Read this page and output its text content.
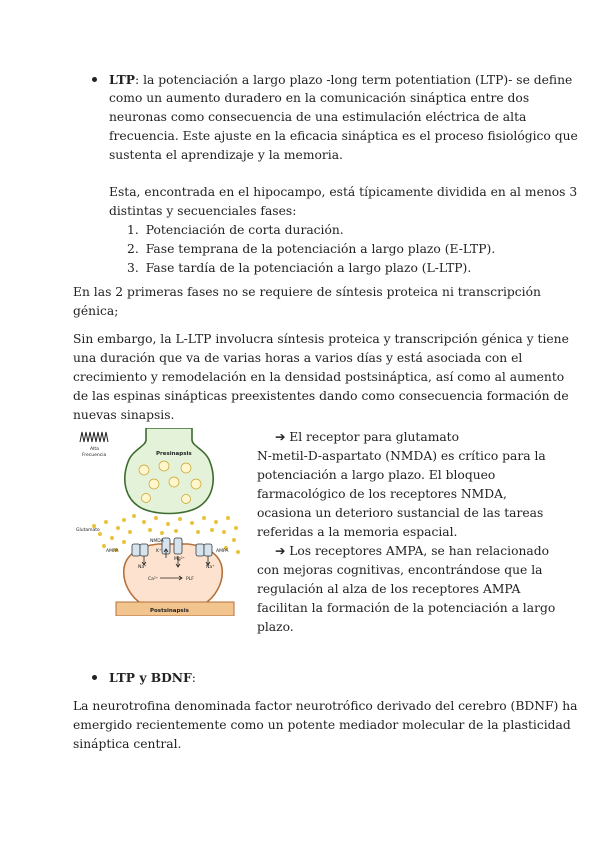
LTP: la potenciación a largo plazo -long term potentiation (LTP)- se define
como un aumento duradero en la comunicación sináptica entre dos
neuronas como consecuencia de una estimulación eléctrica de alta
frecuencia. Este ajuste en la eficacia sináptica es el proceso fisiológico que
sustenta el aprendizaje y la memoria.
Esta, encontrada en el hipocampo, está típicamente dividida en al menos 3
distintas y secuenciales fases:
1. Potenciación de corta duración.
2. Fase temprana de la potenciación a largo plazo (E-LTP).
3. Fase tardía de la potenciación a largo plazo (L-LTP).
En las 2 primeras fases no se requiere de síntesis proteica ni transcripción
génica;
Sin embargo, la L-LTP involucra síntesis proteica y transcripción génica y tiene
una duración que va de varias horas a varios días y está asociada con el
crecimiento y remodelación en la densidad postsináptica, así como al aumento
de las espinas sinápticas preexistentes dando como consecuencia formación de
nuevas sinapsis.
Alta
Frecuencia	Presinapsis
Glutamato
AMPA
NMDA
AMPA
Na⁺	Na⁺
K⁺
Mg²⁺
Ca²⁺	PLF
Postsinapsis
➔ El receptor para glutamato
N-metil-D-aspartato (NMDA) es crítico para la
potenciación a largo plazo. El bloqueo
farmacológico de los receptores NMDA,
ocasiona un deterioro sustancial de las tareas
referidas a la memoria espacial.
➔ Los receptores AMPA, se han relacionado
con mejoras cognitivas, encontrándose que la
regulación al alza de los receptores AMPA
facilitan la formación de la potenciación a largo
plazo.
LTP y BDNF:
La neurotrofina denominada factor neurotrófico derivado del cerebro (BDNF) ha
emergido recientemente como un potente mediador molecular de la plasticidad
sináptica central.
